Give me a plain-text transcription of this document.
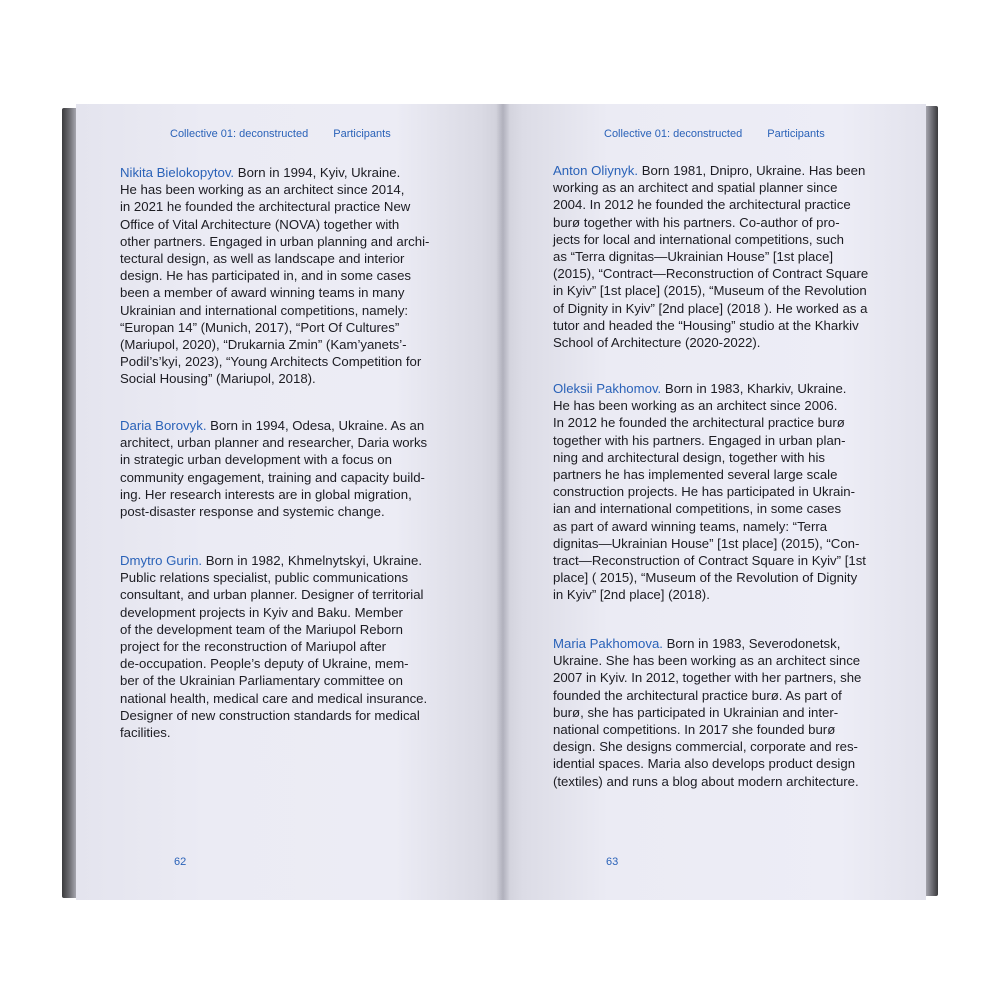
Collective 01: deconstructed Participants
Nikita Bielokopytov. Born in 1994, Kyiv, Ukraine.
He has been working as an architect since 2014,
in 2021 he founded the architectural practice New
Office of Vital Architecture (NOVA) together with
other partners. Engaged in urban planning and archi-
tectural design, as well as landscape and interior
design. He has participated in, and in some cases
been a member of award winning teams in many
Ukrainian and international competitions, namely:
“Europan 14” (Munich, 2017), “Port Of Cultures”
(Mariupol, 2020), “Drukarnia Zmin” (Kam’yanets’-
Podil’s’kyi, 2023), “Young Architects Competition for
Social Housing” (Mariupol, 2018).
Daria Borovyk. Born in 1994, Odesa, Ukraine. As an
architect, urban planner and researcher, Daria works
in strategic urban development with a focus on
community engagement, training and capacity build-
ing. Her research interests are in global migration,
post-disaster response and systemic change.
Dmytro Gurin. Born in 1982, Khmelnytskyi, Ukraine.
Public relations specialist, public communications
consultant, and urban planner. Designer of territorial
development projects in Kyiv and Baku. Member
of the development team of the Mariupol Reborn
project for the reconstruction of Mariupol after
de-occupation. People’s deputy of Ukraine, mem-
ber of the Ukrainian Parliamentary committee on
national health, medical care and medical insurance.
Designer of new construction standards for medical
facilities.
62
Collective 01: deconstructed Participants
Anton Oliynyk. Born 1981, Dnipro, Ukraine. Has been
working as an architect and spatial planner since
2004. In 2012 he founded the architectural practice
burø together with his partners. Co-author of pro-
jects for local and international competitions, such
as “Terra dignitas—Ukrainian House” [1st place]
(2015), “Contract—Reconstruction of Contract Square
in Kyiv” [1st place] (2015), “Museum of the Revolution
of Dignity in Kyiv” [2nd place] (2018 ). He worked as a
tutor and headed the “Housing” studio at the Kharkiv
School of Architecture (2020-2022).
Oleksii Pakhomov. Born in 1983, Kharkiv, Ukraine.
He has been working as an architect since 2006.
In 2012 he founded the architectural practice burø
together with his partners. Engaged in urban plan-
ning and architectural design, together with his
partners he has implemented several large scale
construction projects. He has participated in Ukrain-
ian and international competitions, in some cases
as part of award winning teams, namely: “Terra
dignitas—Ukrainian House” [1st place] (2015), “Con-
tract—Reconstruction of Contract Square in Kyiv” [1st
place] ( 2015), “Museum of the Revolution of Dignity
in Kyiv” [2nd place] (2018).
Maria Pakhomova. Born in 1983, Severodonetsk,
Ukraine. She has been working as an architect since
2007 in Kyiv. In 2012, together with her partners, she
founded the architectural practice burø. As part of
burø, she has participated in Ukrainian and inter-
national competitions. In 2017 she founded burø
design. She designs commercial, corporate and res-
idential spaces. Maria also develops product design
(textiles) and runs a blog about modern architecture.
63
